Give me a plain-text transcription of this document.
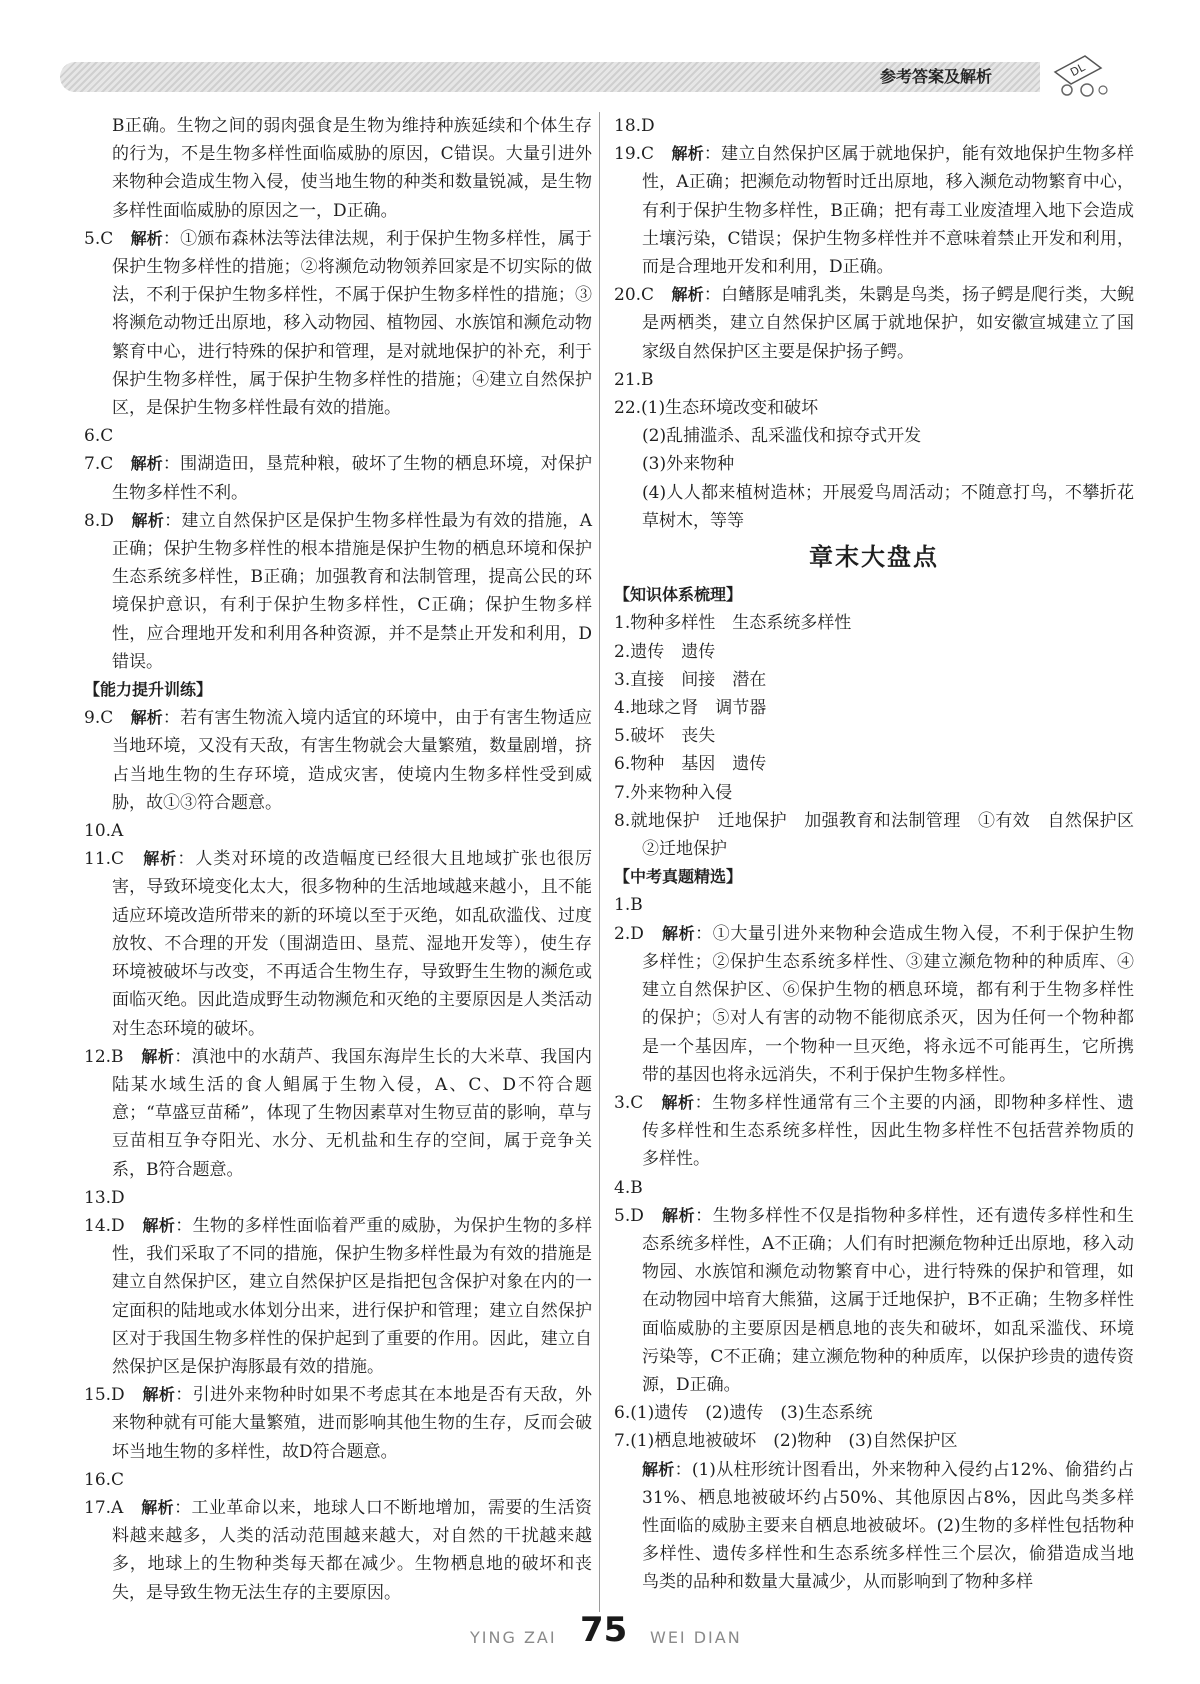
参考答案及解析	DL

B正确。生物之间的弱肉强食是生物为维持种族延续和个体生存的行为，不是生物多样性面临威胁的原因，C错误。大量引进外来物种会造成生物入侵，使当地生物的种类和数量锐减，是生物多样性面临威胁的原因之一，D正确。

5.C　 解析：①颁布森林法等法律法规，利于保护生物多样性，属于保护生物多样性的措施；②将濒危动物领养回家是不切实际的做法，不利于保护生物多样性，不属于保护生物多样性的措施；③将濒危动物迁出原地，移入动物园、植物园、水族馆和濒危动物繁育中心，进行特殊的保护和管理，是对就地保护的补充，利于保护生物多样性，属于保护生物多样性的措施；④建立自然保护区，是保护生物多样性最有效的措施。

6.C

7.C　 解析：围湖造田，垦荒种粮，破坏了生物的栖息环境，对保护生物多样性不利。

8.D　 解析：建立自然保护区是保护生物多样性最为有效的措施，A正确；保护生物多样性的根本措施是保护生物的栖息环境和保护生态系统多样性，B正确；加强教育和法制管理，提高公民的环境保护意识，有利于保护生物多样性，C正确；保护生物多样性，应合理地开发和利用各种资源，并不是禁止开发和利用，D错误。

【能力提升训练】

9.C　 解析：若有害生物流入境内适宜的环境中，由于有害生物适应当地环境，又没有天敌，有害生物就会大量繁殖，数量剧增，挤占当地生物的生存环境，造成灾害，使境内生物多样性受到威胁，故①③符合题意。

10.A

11.C　 解析：人类对环境的改造幅度已经很大且地域扩张也很厉害，导致环境变化太大，很多物种的生活地域越来越小，且不能适应环境改造所带来的新的环境以至于灭绝，如乱砍滥伐、过度放牧、不合理的开发（围湖造田、垦荒、湿地开发等），使生存环境被破坏与改变，不再适合生物生存，导致野生生物的濒危或面临灭绝。因此造成野生动物濒危和灭绝的主要原因是人类活动对生态环境的破坏。

12.B　 解析：滇池中的水葫芦、我国东海岸生长的大米草、我国内陆某水域生活的食人鲳属于生物入侵，A、C、D不符合题意；“草盛豆苗稀”，体现了生物因素草对生物豆苗的影响，草与豆苗相互争夺阳光、水分、无机盐和生存的空间，属于竞争关系，B符合题意。

13.D

14.D　 解析：生物的多样性面临着严重的威胁，为保护生物的多样性，我们采取了不同的措施，保护生物多样性最为有效的措施是建立自然保护区，建立自然保护区是指把包含保护对象在内的一定面积的陆地或水体划分出来，进行保护和管理；建立自然保护区对于我国生物多样性的保护起到了重要的作用。因此，建立自然保护区是保护海豚最有效的措施。

15.D　 解析：引进外来物种时如果不考虑其在本地是否有天敌，外来物种就有可能大量繁殖，进而影响其他生物的生存，反而会破坏当地生物的多样性，故D符合题意。

16.C

17.A　 解析：工业革命以来，地球人口不断地增加，需要的生活资料越来越多，人类的活动范围越来越大，对自然的干扰越来越多，地球上的生物种类每天都在减少。生物栖息地的破坏和丧失，是导致生物无法生存的主要原因。

18.D

19.C　 解析：建立自然保护区属于就地保护，能有效地保护生物多样性，A正确；把濒危动物暂时迁出原地，移入濒危动物繁育中心，有利于保护生物多样性，B正确；把有毒工业废渣埋入地下会造成土壤污染，C错误；保护生物多样性并不意味着禁止开发和利用，而是合理地开发和利用，D正确。

20.C　 解析：白鳍豚是哺乳类，朱鹮是鸟类，扬子鳄是爬行类，大鲵是两栖类，建立自然保护区属于就地保护，如安徽宣城建立了国家级自然保护区主要是保护扬子鳄。

21.B

22.(1)生态环境改变和破坏

(2)乱捕滥杀、乱采滥伐和掠夺式开发

(3)外来物种

(4)人人都来植树造林；开展爱鸟周活动；不随意打鸟，不攀折花草树木，等等

章末大盘点

【知识体系梳理】

1.物种多样性　生态系统多样性

2.遗传　遗传

3.直接　间接　潜在

4.地球之肾　调节器

5.破坏　丧失

6.物种　基因　遗传

7.外来物种入侵

8.就地保护　迁地保护　加强教育和法制管理　①有效　自然保护区　②迁地保护

【中考真题精选】

1.B

2.D　 解析：①大量引进外来物种会造成生物入侵，不利于保护生物多样性；②保护生态系统多样性、③建立濒危物种的种质库、④建立自然保护区、⑥保护生物的栖息环境，都有利于生物多样性的保护；⑤对人有害的动物不能彻底杀灭，因为任何一个物种都是一个基因库，一个物种一旦灭绝，将永远不可能再生，它所携带的基因也将永远消失，不利于保护生物多样性。

3.C　 解析：生物多样性通常有三个主要的内涵，即物种多样性、遗传多样性和生态系统多样性，因此生物多样性不包括营养物质的多样性。

4.B

5.D　 解析：生物多样性不仅是指物种多样性，还有遗传多样性和生态系统多样性，A不正确；人们有时把濒危物种迁出原地，移入动物园、水族馆和濒危动物繁育中心，进行特殊的保护和管理，如在动物园中培育大熊猫，这属于迁地保护，B不正确；生物多样性面临威胁的主要原因是栖息地的丧失和破坏，如乱采滥伐、环境污染等，C不正确；建立濒危物种的种质库，以保护珍贵的遗传资源，D正确。

6.(1)遗传　(2)遗传　(3)生态系统

7.(1)栖息地被破坏　(2)物种　(3)自然保护区

解析：(1)从柱形统计图看出，外来物种入侵约占12%、偷猎约占31%、栖息地被破坏约占50%、其他原因占8%，因此鸟类多样性面临的威胁主要来自栖息地被破坏。(2)生物的多样性包括物种多样性、遗传多样性和生态系统多样性三个层次，偷猎造成当地鸟类的品种和数量大量减少，从而影响到了物种多样

YING ZAI 75 WEI DIAN
